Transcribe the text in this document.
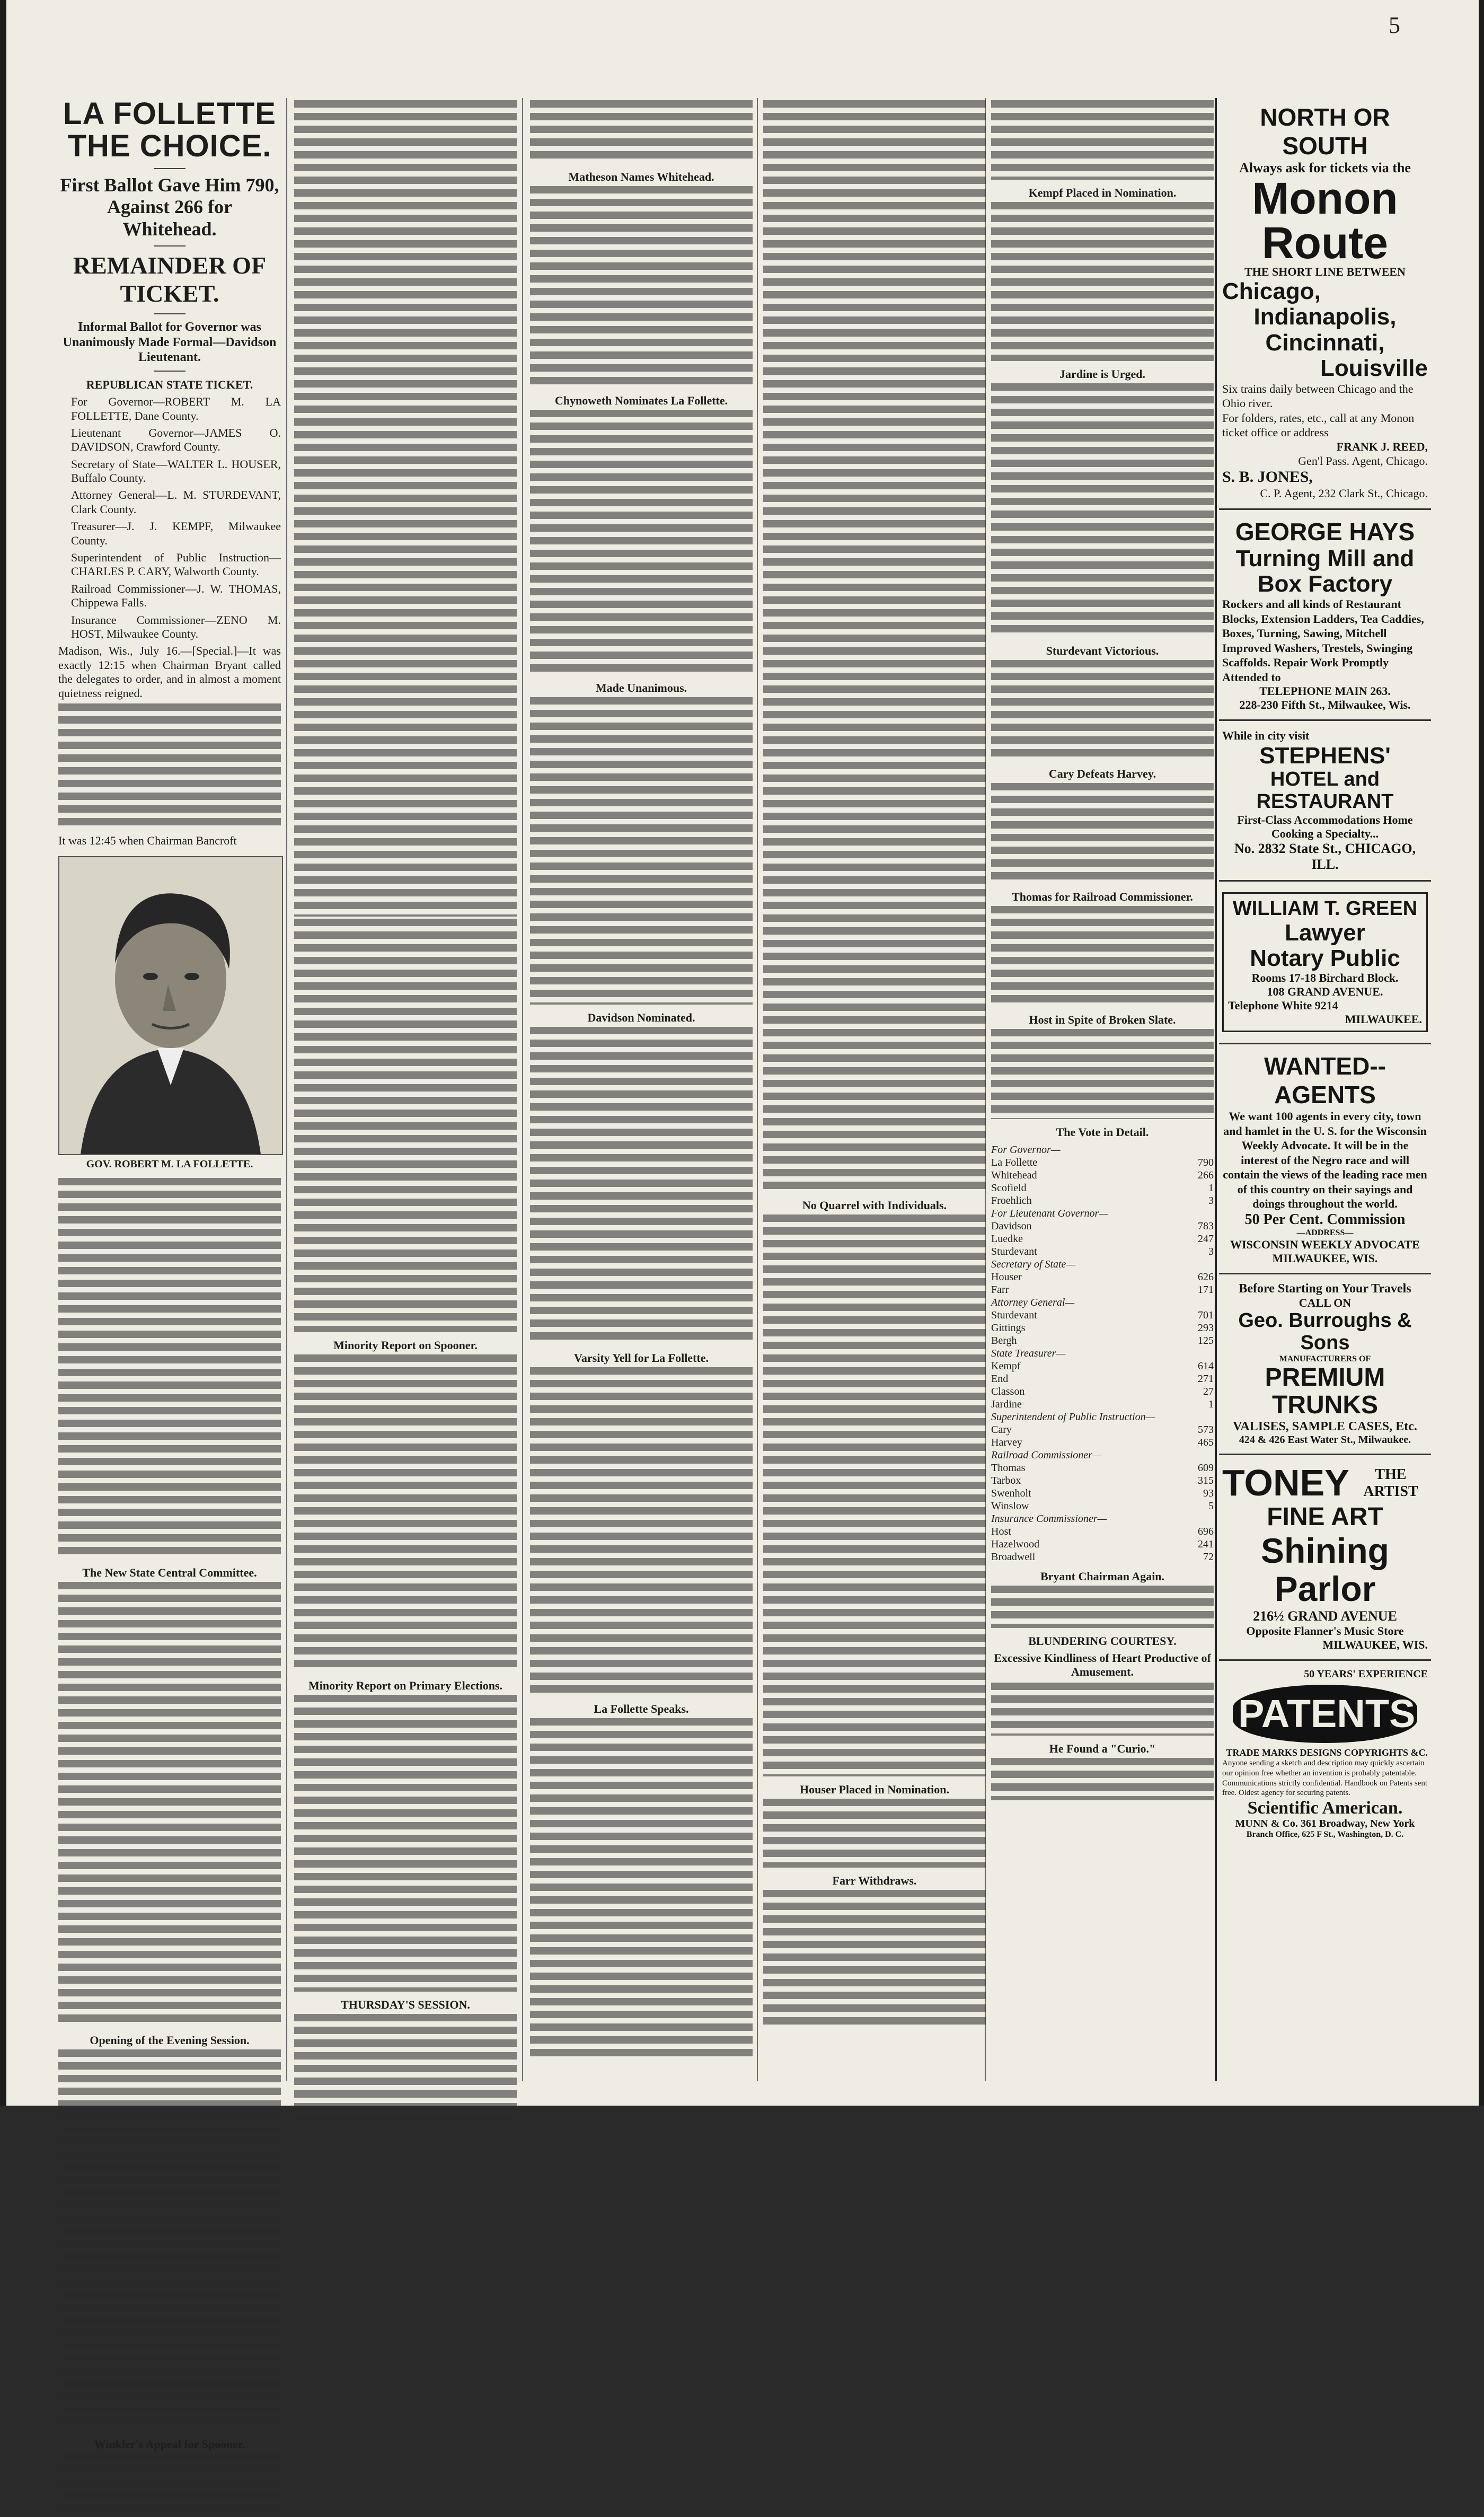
5

LA FOLLETTE THE CHOICE.

First Ballot Gave Him 790, Against 266 for Whitehead.

REMAINDER OF TICKET.

Informal Ballot for Governor was Unanimously Made Formal—Davidson Lieutenant.

REPUBLICAN STATE TICKET.

For Governor—ROBERT M. LA FOLLETTE, Dane County.

Lieutenant Governor—JAMES O. DAVIDSON, Crawford County.

Secretary of State—WALTER L. HOUSER, Buffalo County.

Attorney General—L. M. STURDEVANT, Clark County.

Treasurer—J. J. KEMPF, Milwaukee County.

Superintendent of Public Instruction—CHARLES P. CARY, Walworth County.

Railroad Commissioner—J. W. THOMAS, Chippewa Falls.

Insurance Commissioner—ZENO M. HOST, Milwaukee County.

Madison, Wis., July 16.—[Special.]—It was exactly 12:15 when Chairman Bryant called the delegates to order, and in almost a moment quietness reigned.

It was 12:45 when Chairman Bancroft

GOV. ROBERT M. LA FOLLETTE.

The New State Central Committee.

Opening of the Evening Session.

Winkler's Appeal for Spooner.

Minority Report on Spooner.

Minority Report on Primary Elections.

THURSDAY'S SESSION.

Matheson Names Whitehead.

Chynoweth Nominates La Follette.

Made Unanimous.

Davidson Nominated.

Varsity Yell for La Follette.

La Follette Speaks.

No Quarrel with Individuals.

Houser Placed in Nomination.

Farr Withdraws.

Kempf Placed in Nomination.

Jardine is Urged.

Sturdevant Victorious.

Cary Defeats Harvey.

Thomas for Railroad Commissioner.

Host in Spite of Broken Slate.

The Vote in Detail.

For Governor—
La Follette	790
Whitehead	266
Scofield	1
Froehlich	3
For Lieutenant Governor—
Davidson	783
Luedke	247
Sturdevant	3
Secretary of State—
Houser	626
Farr	171
Attorney General—
Sturdevant	701
Gittings	293
Bergh	125
State Treasurer—
Kempf	614
End	271
Classon	27
Jardine	1
Superintendent of Public Instruction—
Cary	573
Harvey	465
Railroad Commissioner—
Thomas	609
Tarbox	315
Swenholt	93
Winslow	5
Insurance Commissioner—
Host	696
Hazelwood	241
Broadwell	72

Bryant Chairman Again.

BLUNDERING COURTESY.

Excessive Kindliness of Heart Productive of Amusement.

He Found a "Curio."

NORTH OR SOUTH
Always ask for tickets via the
Monon Route
THE SHORT LINE BETWEEN
Chicago,
Indianapolis,
Cincinnati,
Louisville
Six trains daily between Chicago and the Ohio river.
For folders, rates, etc., call at any Monon ticket office or address
FRANK J. REED,
Gen'l Pass. Agent, Chicago.
S. B. JONES,
C. P. Agent, 232 Clark St., Chicago.
GEORGE HAYS
Turning Mill and Box Factory
Rockers and all kinds of Restaurant Blocks, Extension Ladders, Tea Caddies, Boxes, Turning, Sawing, Mitchell Improved Washers, Trestels, Swinging Scaffolds. Repair Work Promptly Attended to
TELEPHONE MAIN 263.
228-230 Fifth St., Milwaukee, Wis.
While in city visit
STEPHENS'
HOTEL and RESTAURANT
First-Class Accommodations Home Cooking a Specialty...
No. 2832 State St., CHICAGO, ILL.
WILLIAM T. GREEN
Lawyer
Notary Public
Rooms 17-18 Birchard Block.
108 GRAND AVENUE.
Telephone White 9214
MILWAUKEE.
WANTED--AGENTS
We want 100 agents in every city, town and hamlet in the U. S. for the Wisconsin Weekly Advocate. It will be in the interest of the Negro race and will contain the views of the leading race men of this country on their sayings and doings throughout the world.
50 Per Cent. Commission
—ADDRESS—
WISCONSIN WEEKLY ADVOCATE
MILWAUKEE, WIS.
Before Starting on Your Travels
CALL ON
Geo. Burroughs & Sons
MANUFACTURERS OF
PREMIUM TRUNKS
VALISES, SAMPLE CASES, Etc.
424 & 426 East Water St., Milwaukee.
TONEY	THE ARTIST
FINE ART
Shining Parlor
216½ GRAND AVENUE
Opposite Flanner's Music Store
MILWAUKEE, WIS.
50 YEARS' EXPERIENCE
PATENTS
TRADE MARKS DESIGNS COPYRIGHTS &C.
Anyone sending a sketch and description may quickly ascertain our opinion free whether an invention is probably patentable. Communications strictly confidential. Handbook on Patents sent free. Oldest agency for securing patents.
Scientific American.
MUNN & Co. 361 Broadway, New York
Branch Office, 625 F St., Washington, D. C.
